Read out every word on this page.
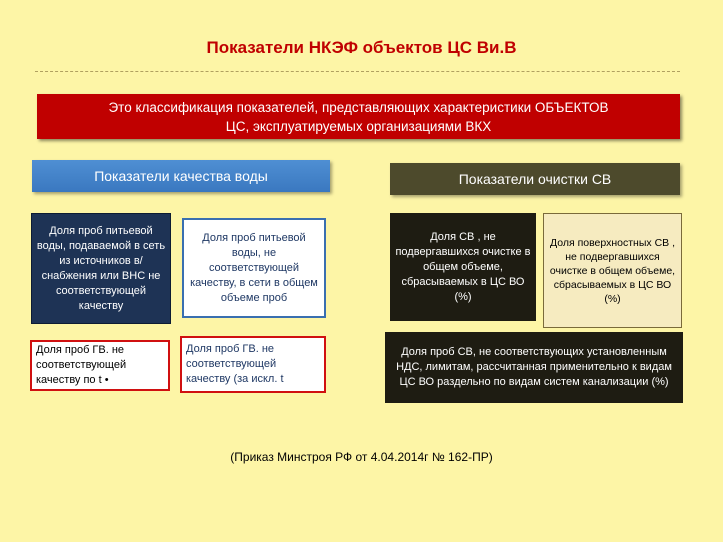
Показатели НКЭФ объектов ЦС Ви.В
Это классификация показателей, представляющих характеристики ОБЪЕКТОВ
ЦС, эксплуатируемых организациями ВКХ
Показатели качества воды	Показатели очистки СВ
Доля проб питьевой воды, подаваемой в сеть из источников в/снабжения или ВНС не соответствующей качеству
Доля проб питьевой воды, не соответствующей качеству, в сети в общем объеме проб
Доля проб ГВ. не соответствующей качеству по t •
Доля проб ГВ. не соответствующей качеству (за искл. t
Доля СВ , не подвергавшихся очистке в общем объеме, сбрасываемых в ЦС ВО (%)
Доля поверхностных СВ , не подвергавшихся очистке в общем объеме, сбрасываемых в ЦС ВО (%)
Доля проб СВ, не соответствующих установленным НДС, лимитам, рассчитанная применительно к видам ЦС ВО раздельно по видам систем канализации (%)
(Приказ Минстроя РФ от 4.04.2014г № 162-ПР)
